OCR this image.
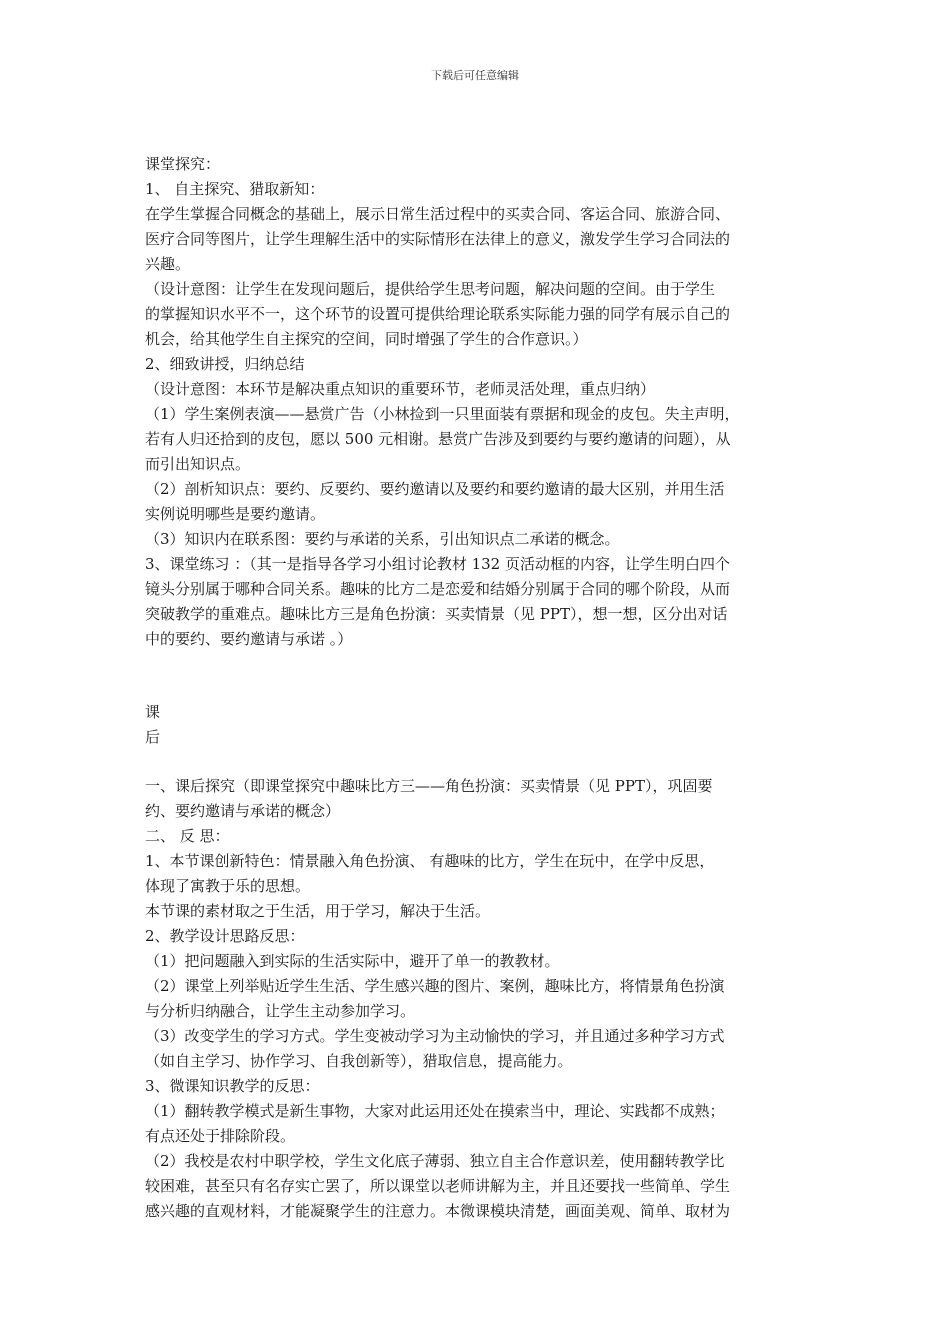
下载后可任意编辑
课堂探究：
1、 自主探究、猎取新知：
在学生掌握合同概念的基础上，展示日常生活过程中的买卖合同、客运合同、旅游合同、
医疗合同等图片，让学生理解生活中的实际情形在法律上的意义，激发学生学习合同法的
兴趣。
（设计意图：让学生在发现问题后，提供给学生思考问题，解决问题的空间。由于学生
的掌握知识水平不一，这个环节的设置可提供给理论联系实际能力强的同学有展示自己的
机会，给其他学生自主探究的空间，同时增强了学生的合作意识。）
2、细致讲授，归纳总结
（设计意图：本环节是解决重点知识的重要环节，老师灵活处理，重点归纳）
（1）学生案例表演——悬赏广告（小林捡到一只里面装有票据和现金的皮包。失主声明，
若有人归还拾到的皮包，愿以 500 元相谢。悬赏广告涉及到要约与要约邀请的问题），从
而引出知识点。
（2）剖析知识点：要约、反要约、要约邀请以及要约和要约邀请的最大区别，并用生活
实例说明哪些是要约邀请。
（3）知识内在联系图：要约与承诺的关系，引出知识点二承诺的概念。
3、课堂练习 ：（其一是指导各学习小组讨论教材 132 页活动框的内容，让学生明白四个
镜头分别属于哪种合同关系。趣味的比方二是恋爱和结婚分别属于合同的哪个阶段，从而
突破教学的重难点。趣味比方三是角色扮演：买卖情景（见 PPT），想一想，区分出对话
中的要约、要约邀请与承诺 。）
课
后
一、课后探究（即课堂探究中趣味比方三——角色扮演：买卖情景（见 PPT），巩固要
约、要约邀请与承诺的概念）
二、 反 思：
1、本节课创新特色：情景融入角色扮演、 有趣味的比方，学生在玩中，在学中反思，
体现了寓教于乐的思想。
本节课的素材取之于生活，用于学习，解决于生活。
2、教学设计思路反思：
（1）把问题融入到实际的生活实际中，避开了单一的教教材。
（2）课堂上列举贴近学生生活、学生感兴趣的图片、案例，趣味比方，将情景角色扮演
与分析归纳融合，让学生主动参加学习。
（3）改变学生的学习方式。学生变被动学习为主动愉快的学习，并且通过多种学习方式
（如自主学习、协作学习、自我创新等），猎取信息，提高能力。
3、微课知识教学的反思：
（1）翻转教学模式是新生事物，大家对此运用还处在摸索当中，理论、实践都不成熟；
有点还处于排除阶段。
（2）我校是农村中职学校，学生文化底子薄弱、独立自主合作意识差，使用翻转教学比
较困难，甚至只有名存实亡罢了，所以课堂以老师讲解为主，并且还要找一些简单、学生
感兴趣的直观材料，才能凝聚学生的注意力。本微课模块清楚，画面美观、简单、取材为
